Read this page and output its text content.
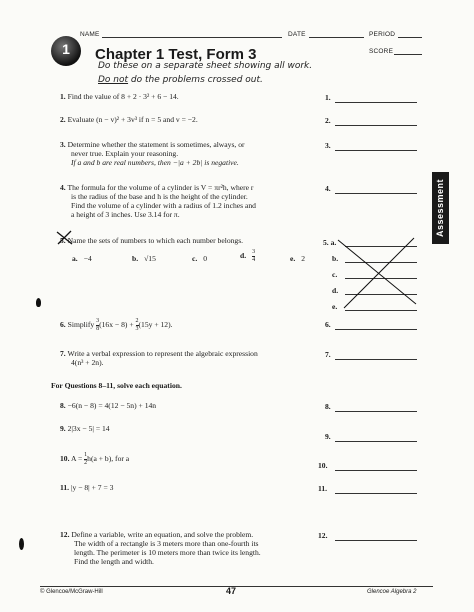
NAME	DATE	PERIOD
1	Chapter 1 Test, Form 3	SCORE
Do these on a separate sheet showing all work.
Do not do the problems crossed out.
1. Find the value of 8 + 2 · 3² + 6 − 14.	1.
2. Evaluate (n − v)² + 3v³ if n = 5 and v = −2.	2.
3. Determine whether the statement is sometimes, always, or
never true. Explain your reasoning.
If a and b are real numbers, then −|a + 2b| is negative.
3.
4. The formula for the volume of a cylinder is V = πr²h, where r
is the radius of the base and h is the height of the cylinder.
Find the volume of a cylinder with a radius of 1.2 inches and
a height of 3 inches. Use 3.14 for π.
4.
5. Name the sets of numbers to which each number belongs.
a. −4	b. √15	c. 0	d. $\frac{3}{4}$	e. 2
5. a.
b.
c.
d.
e.
6. Simplify $\frac{3}{8} (16x - 8) + \frac{2}{3} (15y + 12)$.	6.
7. Write a verbal expression to represent the algebraic expression
4(n³ + 2n).
7.
For Questions 8–11, solve each equation.
8. −6(n − 8) = 4(12 − 5n) + 14n	8.
9. 2|3x − 5| = 14
9.
10. $A = \frac{1}{2} h(a + b)$, for a
10.
11. |y − 8| + 7 = 3	11.
12. Define a variable, write an equation, and solve the problem.
The width of a rectangle is 3 meters more than one-fourth its
length. The perimeter is 10 meters more than twice its length.
Find the length and width.
12.
Assessment
© Glencoe/McGraw-Hill	47	Glencoe Algebra 2
